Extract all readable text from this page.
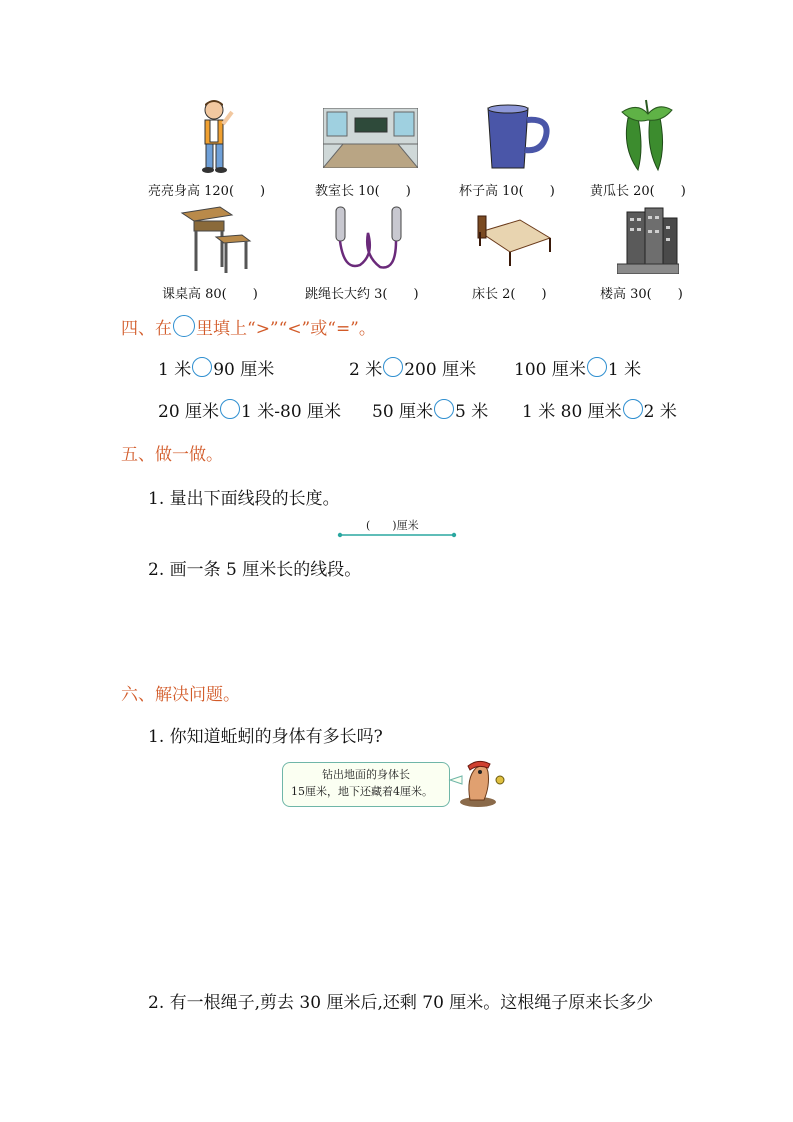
亮亮身高 120(　　)	教室长 10(　　)	杯子高 10(　　)	黄瓜长 20(　　)
课桌高 80(　　)	跳绳长大约 3(　　)	床长 2(　　)	楼高 30(　　)
四、在 里填上“>”“<”或“=”。
1 米 90 厘米	2 米 200 厘米 100 厘米 1 米
20 厘米 1 米-80 厘米 50 厘米 5 米 1 米 80 厘米 2 米
五、做一做。
1. 量出下面线段的长度。
(　　)厘米
2. 画一条 5 厘米长的线段。
六、解决问题。
1. 你知道蚯蚓的身体有多长吗?
钻出地面的身体长
15厘米，地下还藏着4厘米。
2. 有一根绳子,剪去 30 厘米后,还剩 70 厘米。这根绳子原来长多少
